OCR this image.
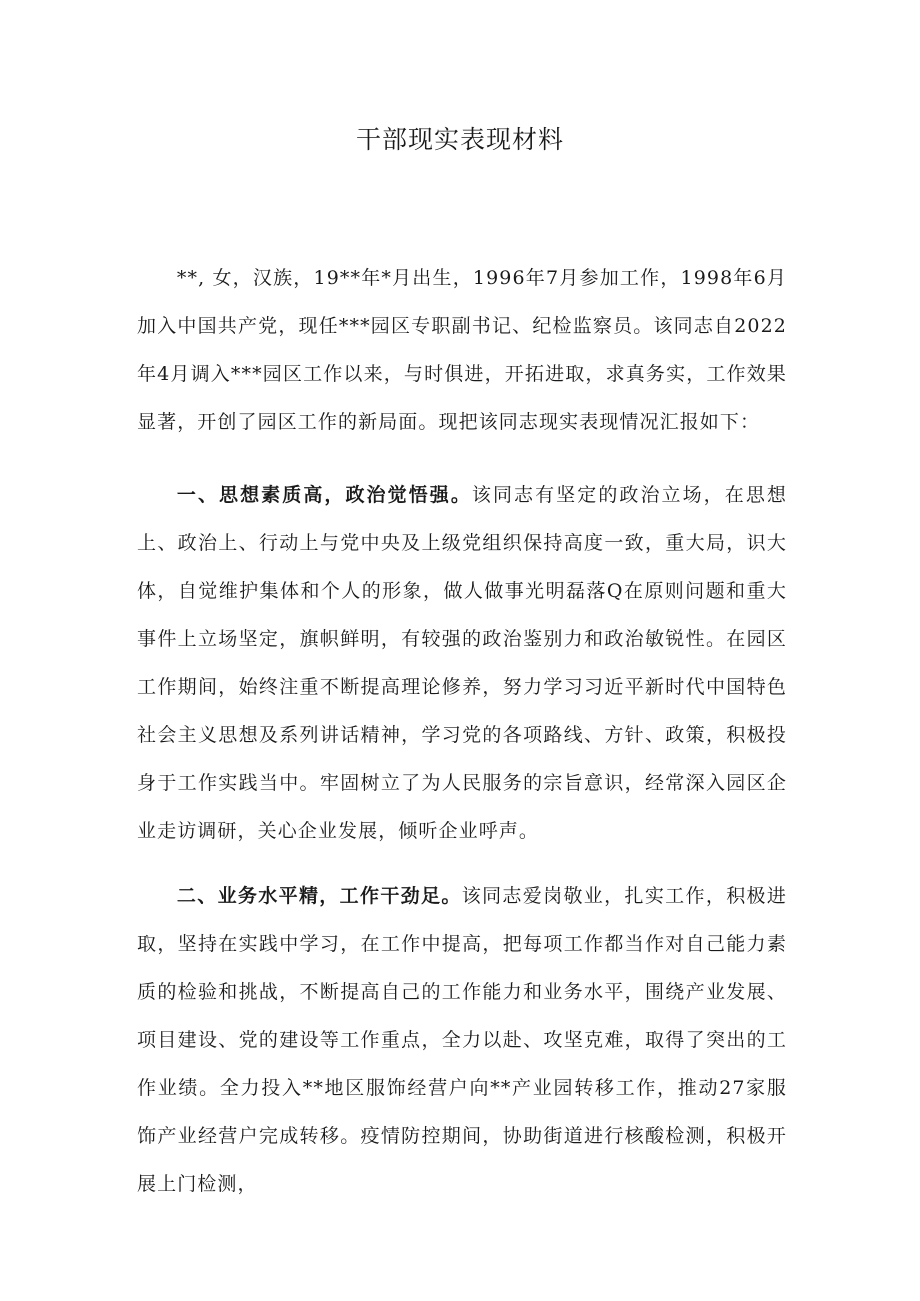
干部现实表现材料

**, 女，汉族，19**年*月出生，1996年7月参加工作，1998年6月加入中国共产党，现任***园区专职副书记、纪检监察员。该同志自2022年4月调入***园区工作以来，与时俱进，开拓进取，求真务实，工作效果显著，开创了园区工作的新局面。现把该同志现实表现情况汇报如下：

一、思想素质高，政治觉悟强。该同志有坚定的政治立场，在思想上、政治上、行动上与党中央及上级党组织保持高度一致，重大局，识大体，自觉维护集体和个人的形象，做人做事光明磊落Q在原则问题和重大事件上立场坚定，旗帜鲜明，有较强的政治鉴别力和政治敏锐性。在园区工作期间，始终注重不断提高理论修养，努力学习习近平新时代中国特色社会主义思想及系列讲话精神，学习党的各项路线、方针、政策，积极投身于工作实践当中。牢固树立了为人民服务的宗旨意识，经常深入园区企业走访调研，关心企业发展，倾听企业呼声。

二、业务水平精，工作干劲足。该同志爱岗敬业，扎实工作，积极进取，坚持在实践中学习，在工作中提高，把每项工作都当作对自己能力素质的检验和挑战，不断提高自己的工作能力和业务水平，围绕产业发展、项目建设、党的建设等工作重点，全力以赴、攻坚克难，取得了突出的工作业绩。全力投入**地区服饰经营户向**产业园转移工作，推动27家服饰产业经营户完成转移。疫情防控期间，协助街道进行核酸检测，积极开展上门检测，
